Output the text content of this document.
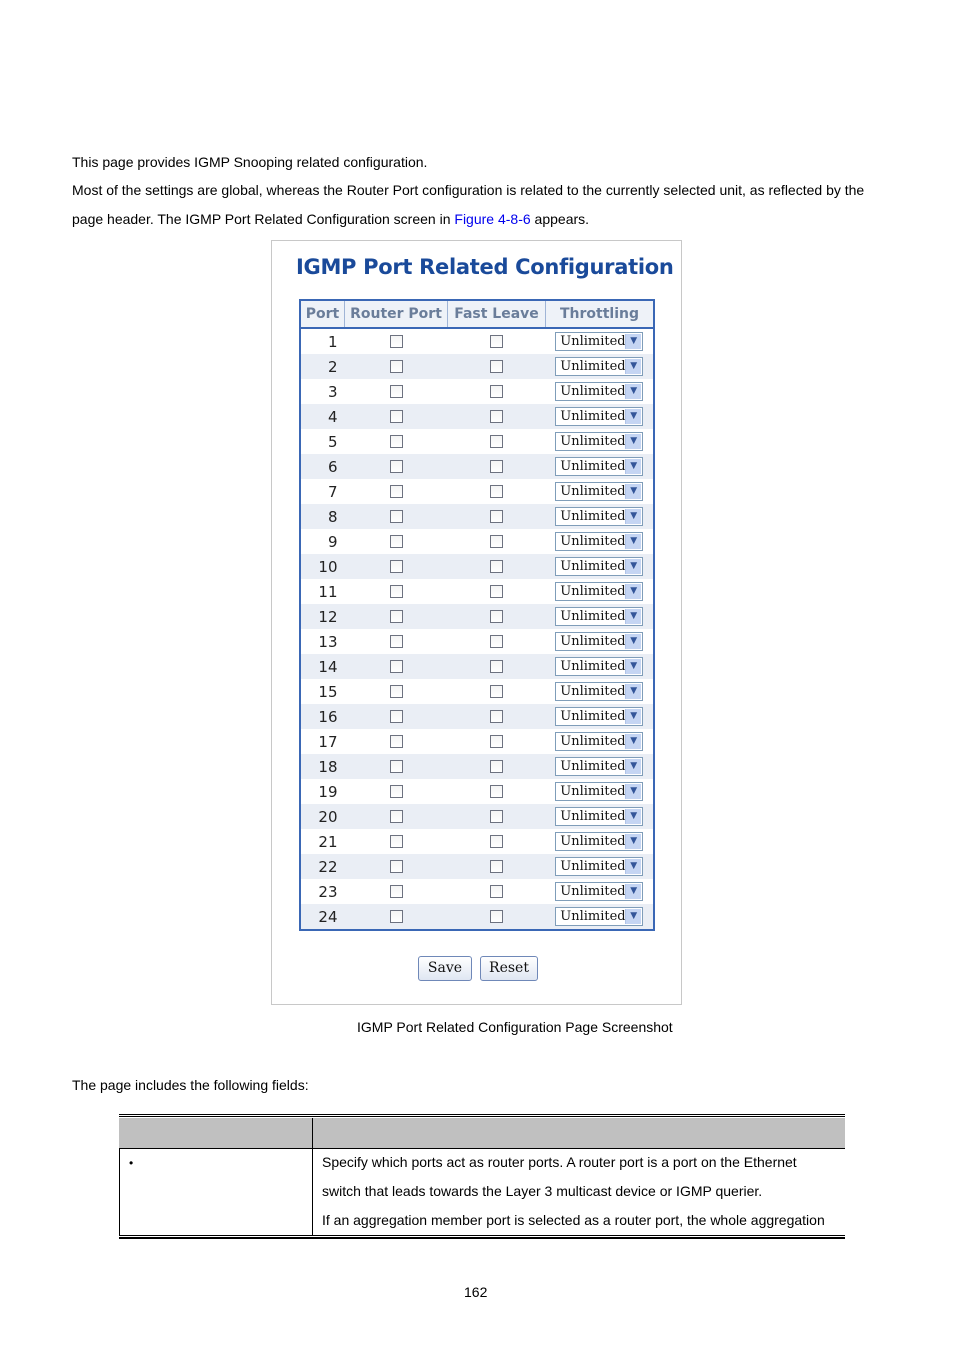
This page provides IGMP Snooping related configuration.
Most of the settings are global, whereas the Router Port configuration is related to the currently selected unit, as reflected by the
page header. The IGMP Port Related Configuration screen in Figure 4-8-6 appears.
IGMP Port Related Configuration
Port	Router Port	Fast Leave	Throttling
1			Unlimited ▼

2			Unlimited ▼

3			Unlimited ▼

4			Unlimited ▼

5			Unlimited ▼

6			Unlimited ▼

7			Unlimited ▼

8			Unlimited ▼

9			Unlimited ▼

10			Unlimited ▼

11			Unlimited ▼

12			Unlimited ▼

13			Unlimited ▼

14			Unlimited ▼

15			Unlimited ▼

16			Unlimited ▼

17			Unlimited ▼

18			Unlimited ▼

19			Unlimited ▼

20			Unlimited ▼

21			Unlimited ▼

22			Unlimited ▼

23			Unlimited ▼

24			Unlimited ▼
Save	Reset
IGMP Port Related Configuration Page Screenshot
The page includes the following fields:
•	Specify which ports act as router ports. A router port is a port on the Ethernet
switch that leads towards the Layer 3 multicast device or IGMP querier.
If an aggregation member port is selected as a router port, the whole aggregation
162
